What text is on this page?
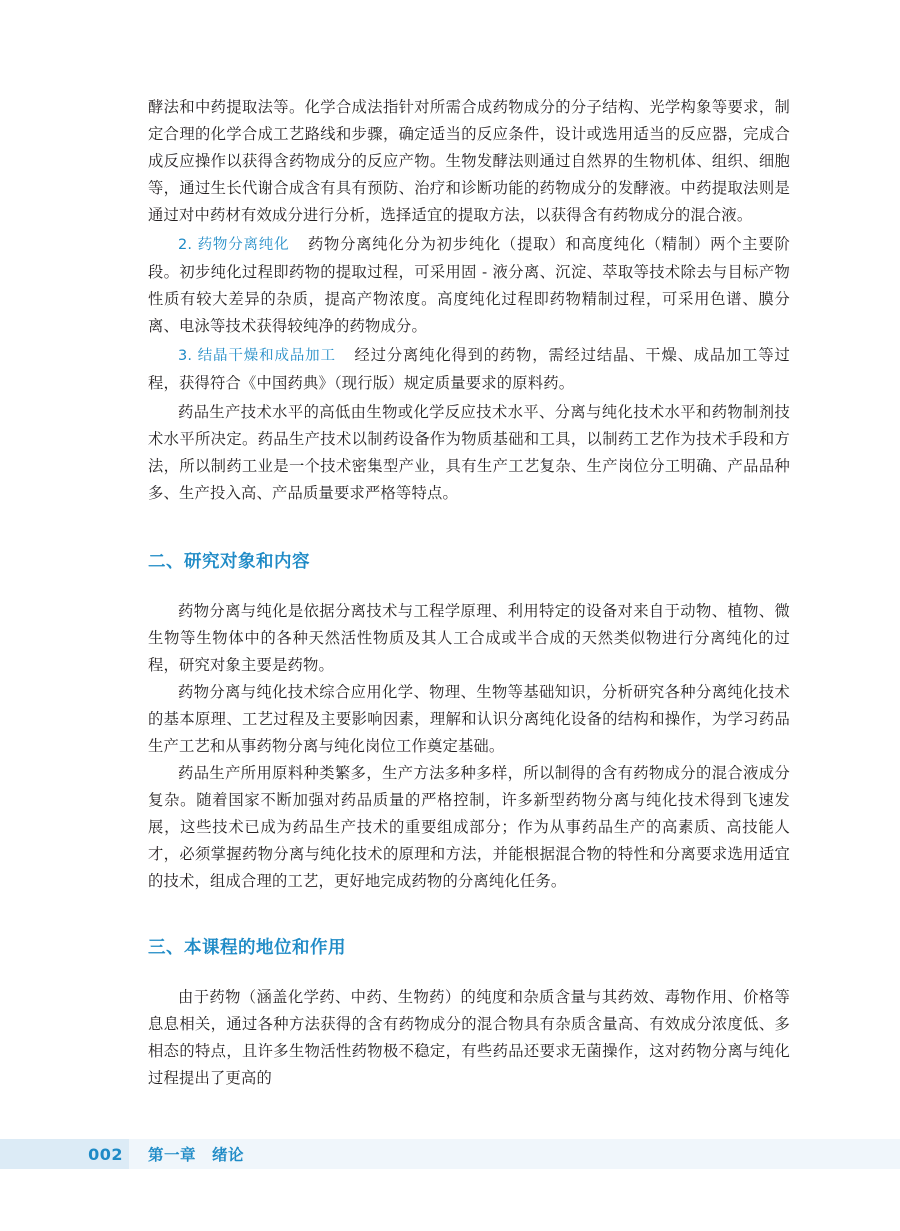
酵法和中药提取法等。化学合成法指针对所需合成药物成分的分子结构、光学构象等要求，制定合理的化学合成工艺路线和步骤，确定适当的反应条件，设计或选用适当的反应器，完成合成反应操作以获得含药物成分的反应产物。生物发酵法则通过自然界的生物机体、组织、细胞等，通过生长代谢合成含有具有预防、治疗和诊断功能的药物成分的发酵液。中药提取法则是通过对中药材有效成分进行分析，选择适宜的提取方法，以获得含有药物成分的混合液。

2. 药物分离纯化 药物分离纯化分为初步纯化（提取）和高度纯化（精制）两个主要阶段。初步纯化过程即药物的提取过程，可采用固 - 液分离、沉淀、萃取等技术除去与目标产物性质有较大差异的杂质，提高产物浓度。高度纯化过程即药物精制过程，可采用色谱、膜分离、电泳等技术获得较纯净的药物成分。

3. 结晶干燥和成品加工 经过分离纯化得到的药物，需经过结晶、干燥、成品加工等过程，获得符合《中国药典》（现行版）规定质量要求的原料药。

药品生产技术水平的高低由生物或化学反应技术水平、分离与纯化技术水平和药物制剂技术水平所决定。药品生产技术以制药设备作为物质基础和工具，以制药工艺作为技术手段和方法，所以制药工业是一个技术密集型产业，具有生产工艺复杂、生产岗位分工明确、产品品种多、生产投入高、产品质量要求严格等特点。

二、研究对象和内容

药物分离与纯化是依据分离技术与工程学原理、利用特定的设备对来自于动物、植物、微生物等生物体中的各种天然活性物质及其人工合成或半合成的天然类似物进行分离纯化的过程，研究对象主要是药物。

药物分离与纯化技术综合应用化学、物理、生物等基础知识，分析研究各种分离纯化技术的基本原理、工艺过程及主要影响因素，理解和认识分离纯化设备的结构和操作，为学习药品生产工艺和从事药物分离与纯化岗位工作奠定基础。

药品生产所用原料种类繁多，生产方法多种多样，所以制得的含有药物成分的混合液成分复杂。随着国家不断加强对药品质量的严格控制，许多新型药物分离与纯化技术得到飞速发展，这些技术已成为药品生产技术的重要组成部分；作为从事药品生产的高素质、高技能人才，必须掌握药物分离与纯化技术的原理和方法，并能根据混合物的特性和分离要求选用适宜的技术，组成合理的工艺，更好地完成药物的分离纯化任务。

三、本课程的地位和作用

由于药物（涵盖化学药、中药、生物药）的纯度和杂质含量与其药效、毒物作用、价格等息息相关，通过各种方法获得的含有药物成分的混合物具有杂质含量高、有效成分浓度低、多相态的特点，且许多生物活性药物极不稳定，有些药品还要求无菌操作，这对药物分离与纯化过程提出了更高的

002 第一章　绪论
